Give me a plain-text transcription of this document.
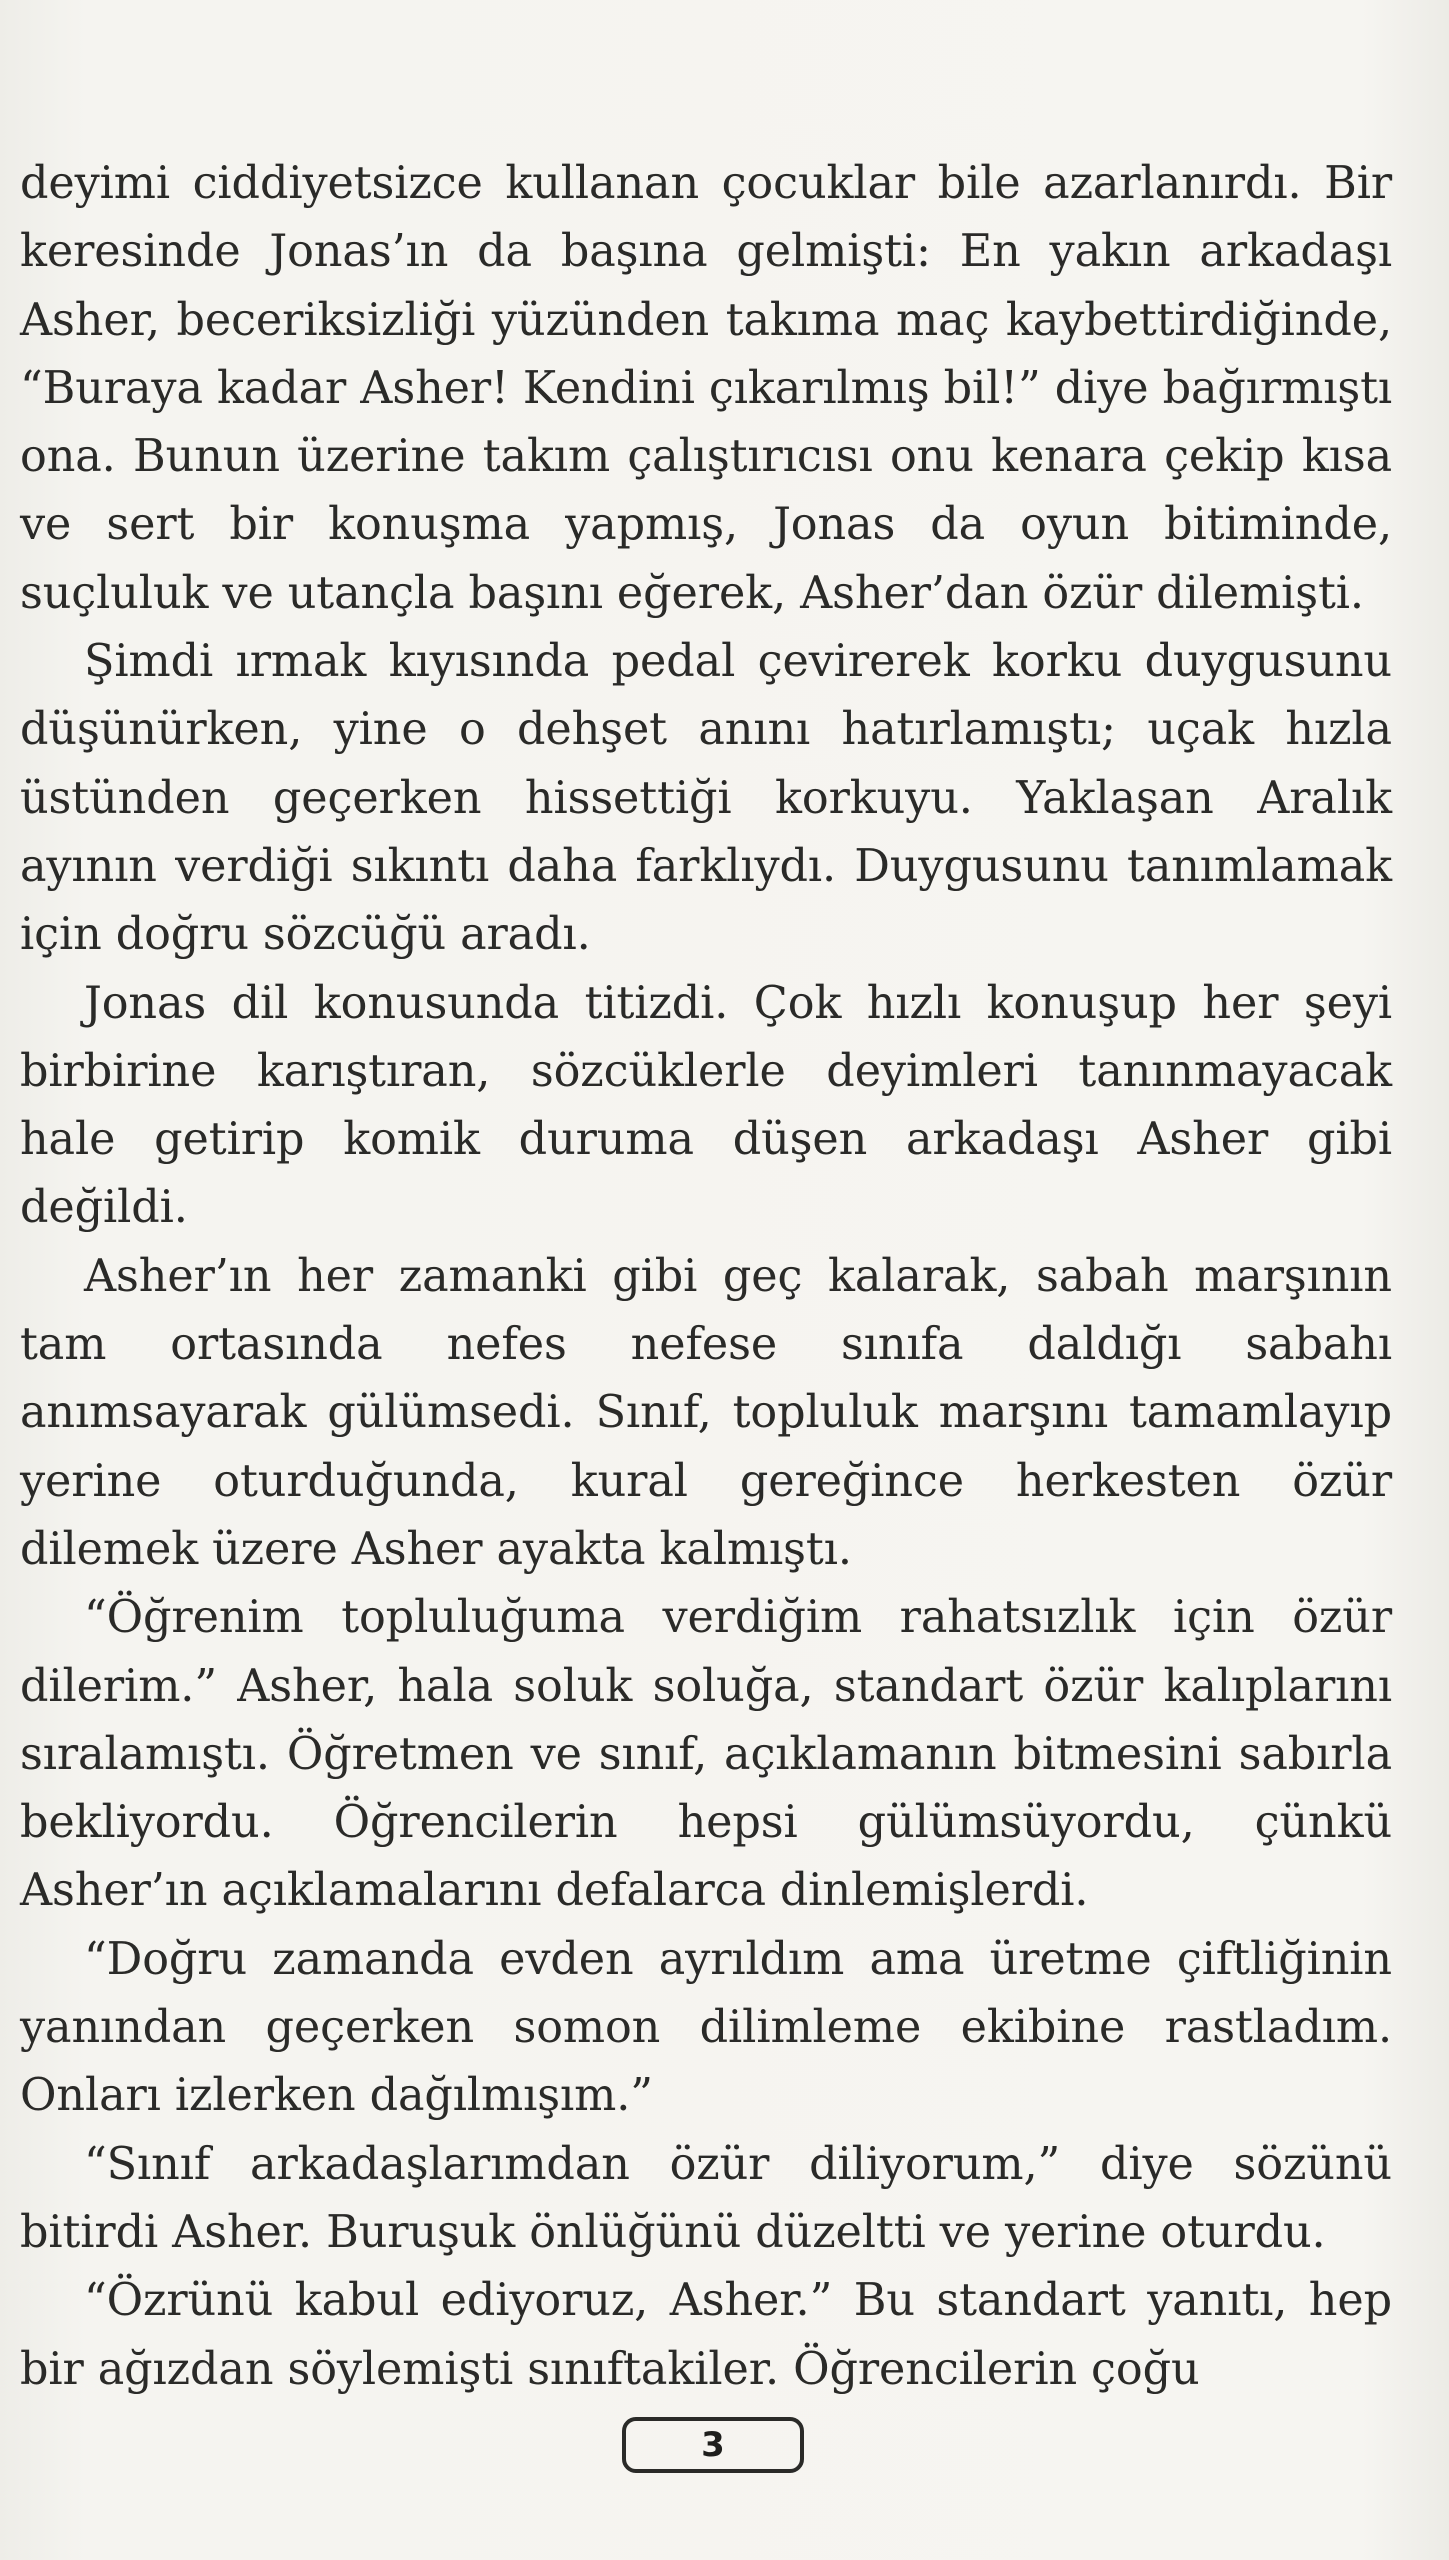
deyimi ciddiyetsizce kullanan çocuklar bile azarlanırdı. Bir keresinde Jonas’ın da başına gelmişti: En yakın arkadaşı Asher, beceriksizliği yüzünden takıma maç kaybettirdiğinde, “Buraya kadar Asher! Kendini çıkarılmış bil!” diye bağırmıştı ona. Bunun üzerine takım çalıştırıcısı onu kenara çekip kısa ve sert bir konuşma yapmış, Jonas da oyun bitiminde, suçluluk ve utançla başını eğerek, Asher’dan özür dilemişti.

Şimdi ırmak kıyısında pedal çevirerek korku duygusunu düşünürken, yine o dehşet anını hatırlamıştı; uçak hızla üstünden geçerken hissettiği korkuyu. Yaklaşan Aralık ayının verdiği sıkıntı daha farklıydı. Duygusunu tanımlamak için doğru sözcüğü aradı.

Jonas dil konusunda titizdi. Çok hızlı konuşup her şeyi birbirine karıştıran, sözcüklerle deyimleri tanınmayacak hale getirip komik duruma düşen arkadaşı Asher gibi değildi.

Asher’ın her zamanki gibi geç kalarak, sabah marşının tam ortasında nefes nefese sınıfa daldığı sabahı anımsayarak gülümsedi. Sınıf, topluluk marşını tamamlayıp yerine oturduğunda, kural gereğince herkesten özür dilemek üzere Asher ayakta kalmıştı.

“Öğrenim topluluğuma verdiğim rahatsızlık için özür dilerim.” Asher, hala soluk soluğa, standart özür kalıplarını sıralamıştı. Öğretmen ve sınıf, açıklamanın bitmesini sabırla bekliyordu. Öğrencilerin hepsi gülümsüyordu, çünkü Asher’ın açıklamalarını defalarca dinlemişlerdi.

“Doğru zamanda evden ayrıldım ama üretme çiftliğinin yanından geçerken somon dilimleme ekibine rastladım. Onları izlerken dağılmışım.”

“Sınıf arkadaşlarımdan özür diliyorum,” diye sözünü bitirdi Asher. Buruşuk önlüğünü düzeltti ve yerine oturdu.

“Özrünü kabul ediyoruz, Asher.” Bu standart yanıtı, hep bir ağızdan söylemişti sınıftakiler. Öğrencilerin çoğu

3
